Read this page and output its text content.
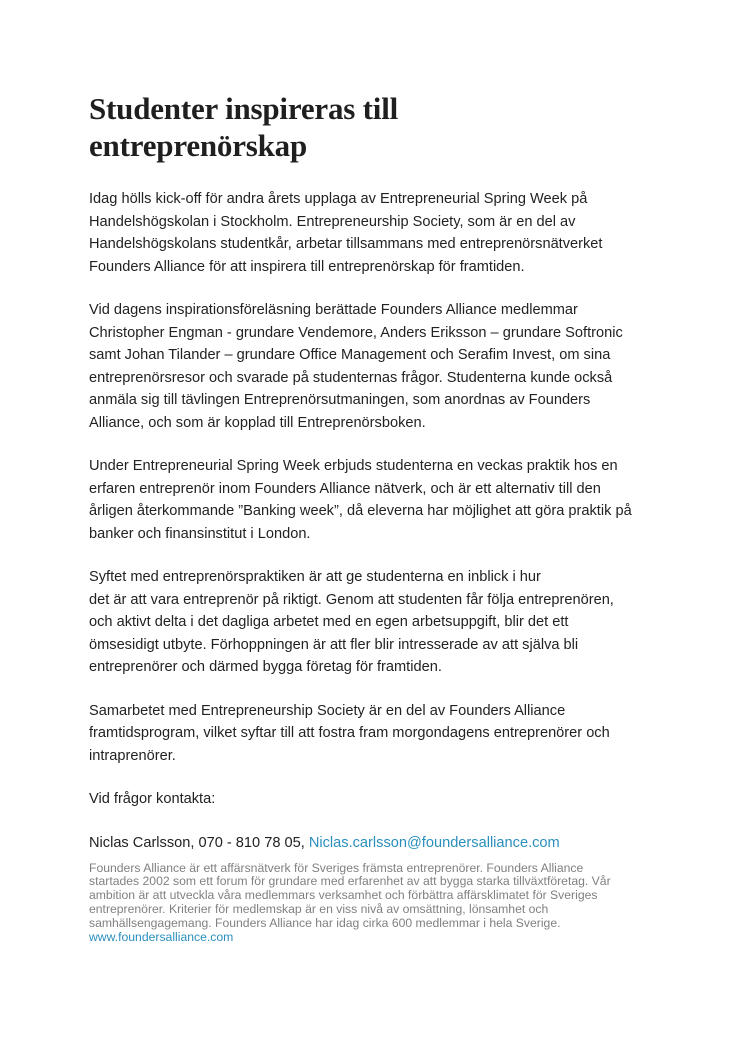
Studenter inspireras till
entreprenörskap

Idag hölls kick-off för andra årets upplaga av Entrepreneurial Spring Week på
Handelshögskolan i Stockholm. Entrepreneurship Society, som är en del av
Handelshögskolans studentkår, arbetar tillsammans med entreprenörsnätverket
Founders Alliance för att inspirera till entreprenörskap för framtiden.

Vid dagens inspirationsföreläsning berättade Founders Alliance medlemmar
Christopher Engman - grundare Vendemore, Anders Eriksson – grundare Softronic
samt Johan Tilander – grundare Office Management och Serafim Invest, om sina
entreprenörsresor och svarade på studenternas frågor. Studenterna kunde också
anmäla sig till tävlingen Entreprenörsutmaningen, som anordnas av Founders
Alliance, och som är kopplad till Entreprenörsboken.

Under Entrepreneurial Spring Week erbjuds studenterna en veckas praktik hos en
erfaren entreprenör inom Founders Alliance nätverk, och är ett alternativ till den
årligen återkommande ”Banking week”, då eleverna har möjlighet att göra praktik på
banker och finansinstitut i London.

Syftet med entreprenörspraktiken är att ge studenterna en inblick i hur
det är att vara entreprenör på riktigt. Genom att studenten får följa entreprenören,
och aktivt delta i det dagliga arbetet med en egen arbetsuppgift, blir det ett
ömsesidigt utbyte. Förhoppningen är att fler blir intresserade av att själva bli
entreprenörer och därmed bygga företag för framtiden.

Samarbetet med Entrepreneurship Society är en del av Founders Alliance
framtidsprogram, vilket syftar till att fostra fram morgondagens entreprenörer och
intraprenörer.

Vid frågor kontakta:

Niclas Carlsson, 070 - 810 78 05, Niclas.carlsson@foundersalliance.com

Founders Alliance är ett affärsnätverk för Sveriges främsta entreprenörer. Founders Alliance
startades 2002 som ett forum för grundare med erfarenhet av att bygga starka tillväxtföretag. Vår
ambition är att utveckla våra medlemmars verksamhet och förbättra affärsklimatet för Sveriges
entreprenörer. Kriterier för medlemskap är en viss nivå av omsättning, lönsamhet och
samhällsengagemang. Founders Alliance har idag cirka 600 medlemmar i hela Sverige.

www.foundersalliance.com
